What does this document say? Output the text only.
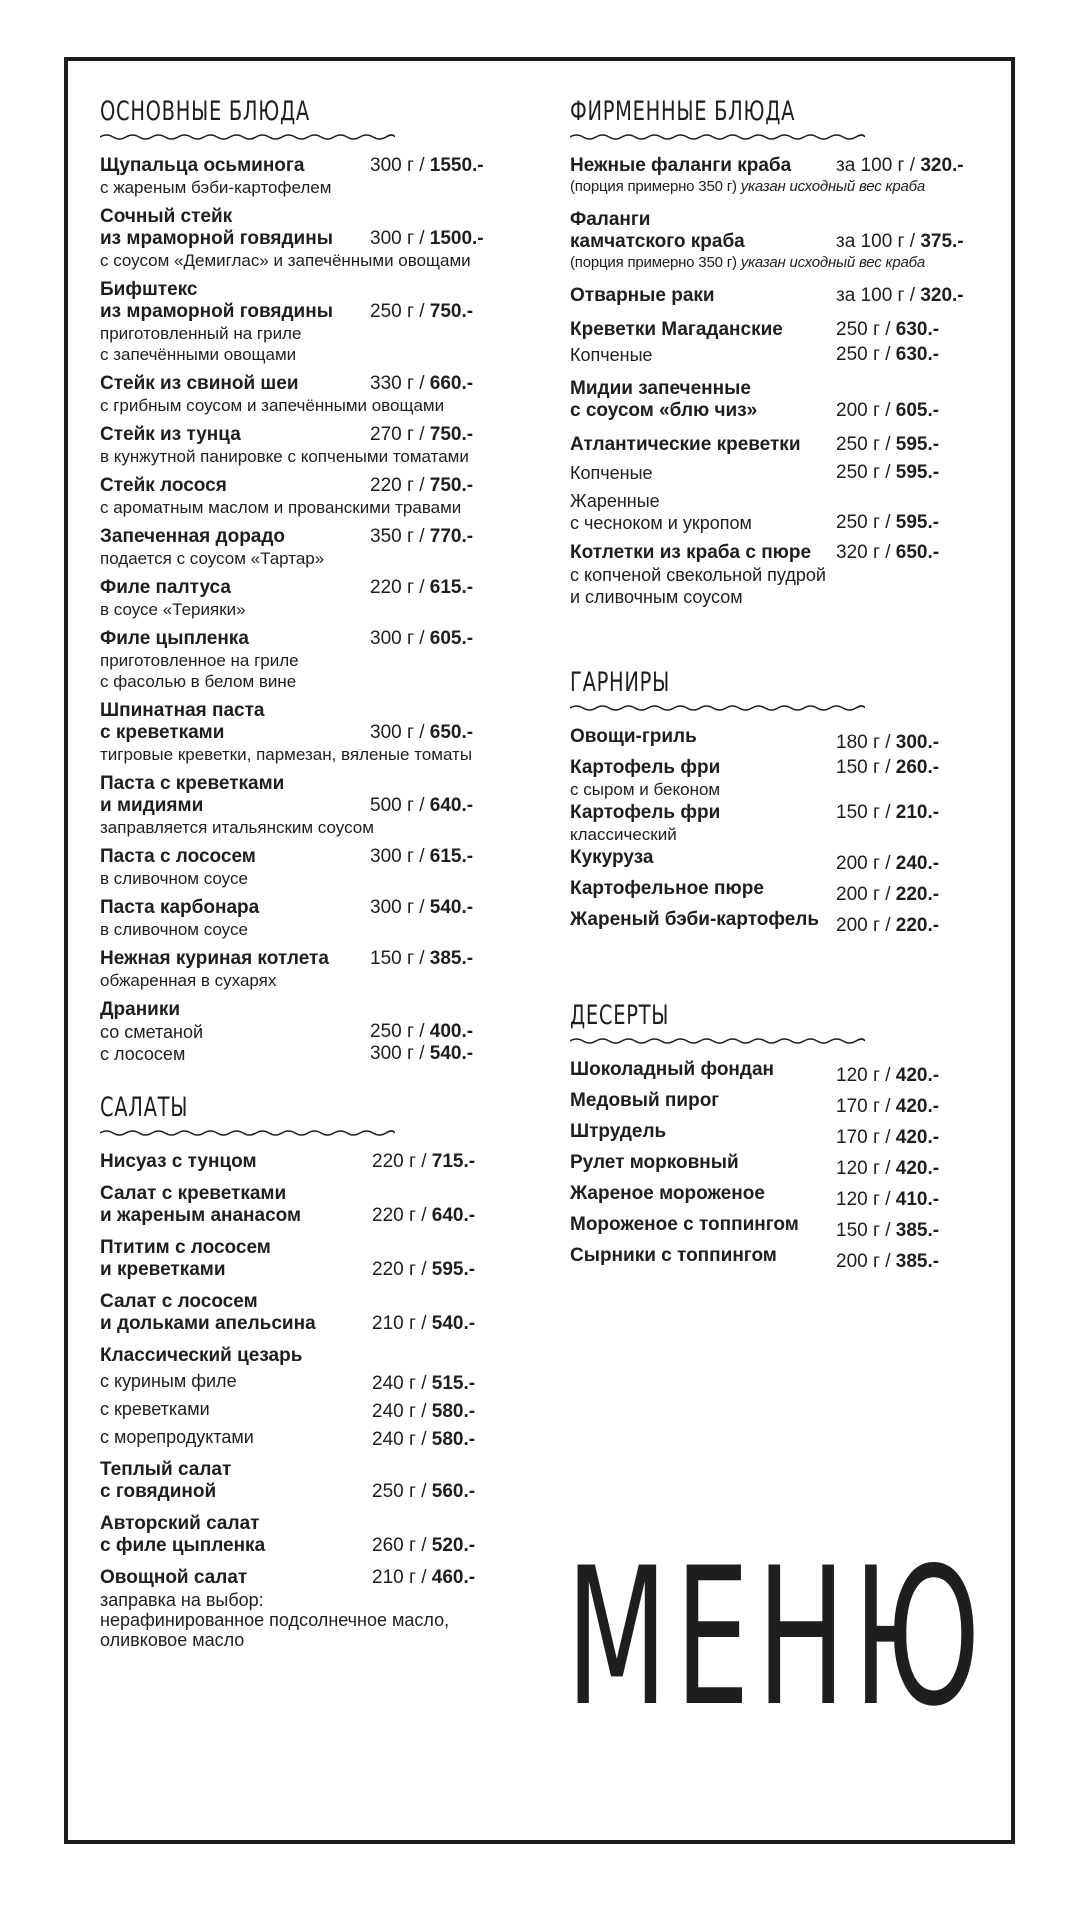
ОСНОВНЫЕ БЛЮДА
Щупальца осьминога	300 г / 1550.-
с жареным бэби-картофелем
Сочный стейк
из мраморной говядины 300 г / 1500.-
с соусом «Демиглас» и запечёнными овощами
Бифштекс
из мраморной говядины 250 г / 750.-
приготовленный на гриле
с запечёнными овощами
Стейк из свиной шеи	330 г / 660.-
с грибным соусом и запечёнными овощами
Стейк из тунца	270 г / 750.-
в кунжутной панировке с копчеными томатами
Стейк лосося	220 г / 750.-
с ароматным маслом и прованскими травами
Запеченная дорадо	350 г / 770.-
подается с соусом «Тартар»
Филе палтуса	220 г / 615.-
в соусе «Терияки»
Филе цыпленка	300 г / 605.-
приготовленное на гриле
с фасолью в белом вине
Шпинатная паста
с креветками	300 г / 650.-
тигровые креветки, пармезан, вяленые томаты
Паста с креветками
и мидиями	500 г / 640.-
заправляется итальянским соусом
Паста с лососем	300 г / 615.-
в сливочном соусе
Паста карбонара	300 г / 540.-
в сливочном соусе
Нежная куриная котлета 150 г / 385.-
обжаренная в сухарях
Драники
со сметаной	250 г / 400.-
с лососем	300 г / 540.-
САЛАТЫ
Нисуаз с тунцом	220 г / 715.-
Салат с креветками
и жареным ананасом	220 г / 640.-
Птитим с лососем
и креветками	220 г / 595.-
Салат с лососем
и дольками апельсина	210 г / 540.-
Классический цезарь
с куриным филе	240 г / 515.-
с креветками	240 г / 580.-
с морепродуктами	240 г / 580.-
Теплый салат
с говядиной	250 г / 560.-
Авторский салат
с филе цыпленка	260 г / 520.-
Овощной салат	210 г / 460.-
заправка на выбор:
нерафинированное подсолнечное масло,
оливковое масло
ФИРМЕННЫЕ БЛЮДА
Нежные фаланги краба за 100 г / 320.-
(порция примерно 350 г) указан исходный вес краба
Фаланги
камчатского краба	за 100 г / 375.-
(порция примерно 350 г) указан исходный вес краба
Отварные раки	за 100 г / 320.-
Креветки Магаданские	250 г / 630.-
Копченые	250 г / 630.-
Мидии запеченные
с соусом «блю чиз»	200 г / 605.-
Атлантические креветки 250 г / 595.-
Копченые	250 г / 595.-
Жаренные
с чесноком и укропом	250 г / 595.-
Котлетки из краба с пюре 320 г / 650.-
с копченой свекольной пудрой
и сливочным соусом
ГАРНИРЫ
Овощи-гриль	180 г / 300.-
Картофель фри	150 г / 260.-
с сыром и беконом
Картофель фри	150 г / 210.-
классический
Кукуруза	200 г / 240.-
Картофельное пюре	200 г / 220.-
Жареный бэби-картофель 200 г / 220.-
ДЕСЕРТЫ
Шоколадный фондан	120 г / 420.-
Медовый пирог	170 г / 420.-
Штрудель	170 г / 420.-
Рулет морковный	120 г / 420.-
Жареное мороженое	120 г / 410.-
Мороженое с топпингом 150 г / 385.-
Сырники с топпингом	200 г / 385.-
МЕНЮ
